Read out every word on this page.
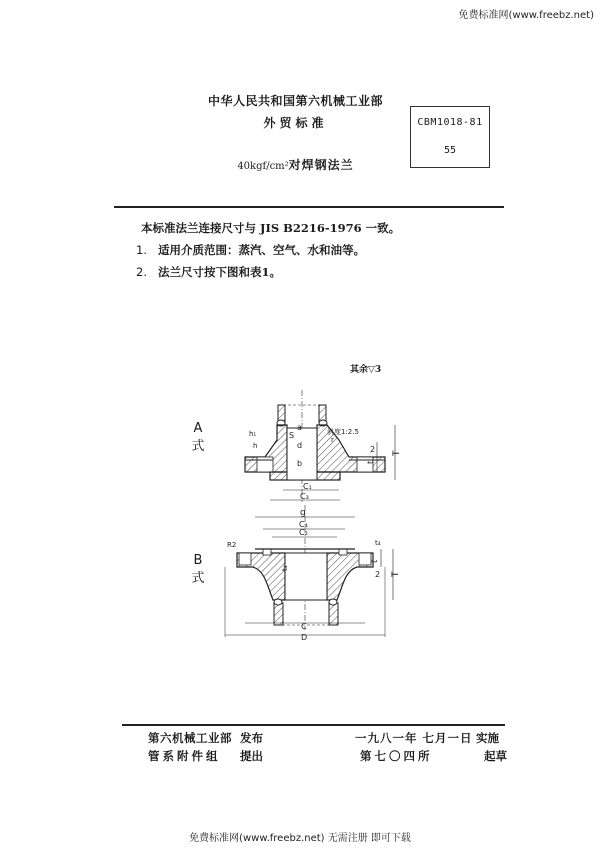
免费标准网(www.freebz.net)
中华人民共和国第六机械工业部
外贸标准
40kgf/cm²对焊钢法兰
CBM1018-81
55
本标准法兰连接尺寸与 JIS B2216-1976 一致。
1. 适用介质范围：蒸汽、空气、水和油等。
2. 法兰尺寸按下图和表1。
其余▽3
A
式
B
式
T
t
2
a
d
b
S	斜度1:2.5
r
h₁
h
C₁
C₃
g
C₄
C₂
R2
t₄
T
t
2
t₄
C
D
第六机械工业部 发布
管系附件组 提出
一九八一年 七月一日 实施
第七〇四所	起草
免费标准网(www.freebz.net) 无需注册 即可下载
